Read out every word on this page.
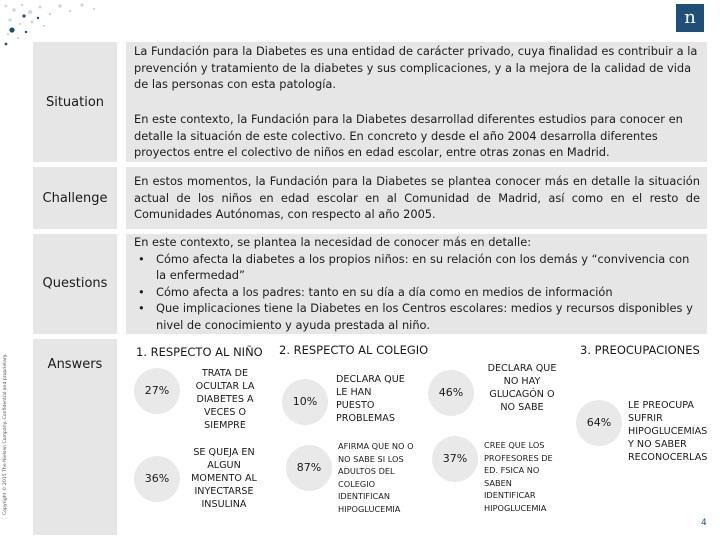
n
Copyright © 2015 The Nielsen Company. Confidential and proprietary.
Situation

La Fundación para la Diabetes es una entidad de carácter privado, cuya finalidad es contribuir a la prevención y tratamiento de la diabetes y sus complicaciones, y a la mejora de la calidad de vida de las personas con esta patología.

En este contexto, la Fundación para la Diabetes desarrollad diferentes estudios para conocer en detalle la situación de este colectivo. En concreto y desde el año 2004 desarrolla diferentes proyectos entre el colectivo de niños en edad escolar, entre otras zonas en Madrid.

Challenge

En estos momentos, la Fundación para la Diabetes se plantea conocer más en detalle la situación actual de los niños en edad escolar en al Comunidad de Madrid, así como en el resto de Comunidades Autónomas, con respecto al año 2005.

Questions

En este contexto, se plantea la necesidad de conocer más en detalle:

• Cómo afecta la diabetes a los propios niños: en su relación con los demás y “convivencia con la enfermedad”
• Cómo afecta a los padres: tanto en su día a día como en medios de información
• Que implicaciones tiene la Diabetes en los Centros escolares: medios y recursos disponibles y nivel de conocimiento y ayuda prestada al niño.
Answers
1. RESPECTO AL NIÑO
27%
TRATA DE OCULTAR LA DIABETES A VECES O SIEMPRE
36%
SE QUEJA EN ALGUN MOMENTO AL INYECTARSE INSULINA
2. RESPECTO AL COLEGIO
10%
DECLARA QUE LE HAN PUESTO PROBLEMAS
87%
AFIRMA QUE NO O NO SABE SI LOS ADULTOS DEL COLEGIO IDENTIFICAN HIPOGLUCEMIA
46%
DECLARA QUE NO HAY GLUCAGÓN O NO SABE
37%
CREE QUE LOS PROFESORES DE ED. FSICA NO SABEN IDENTIFICAR HIPOGLUCEMIA
3. PREOCUPACIONES
64%
LE PREOCUPA SUFRIR HIPOGLUCEMIAS Y NO SABER RECONOCERLAS
4
